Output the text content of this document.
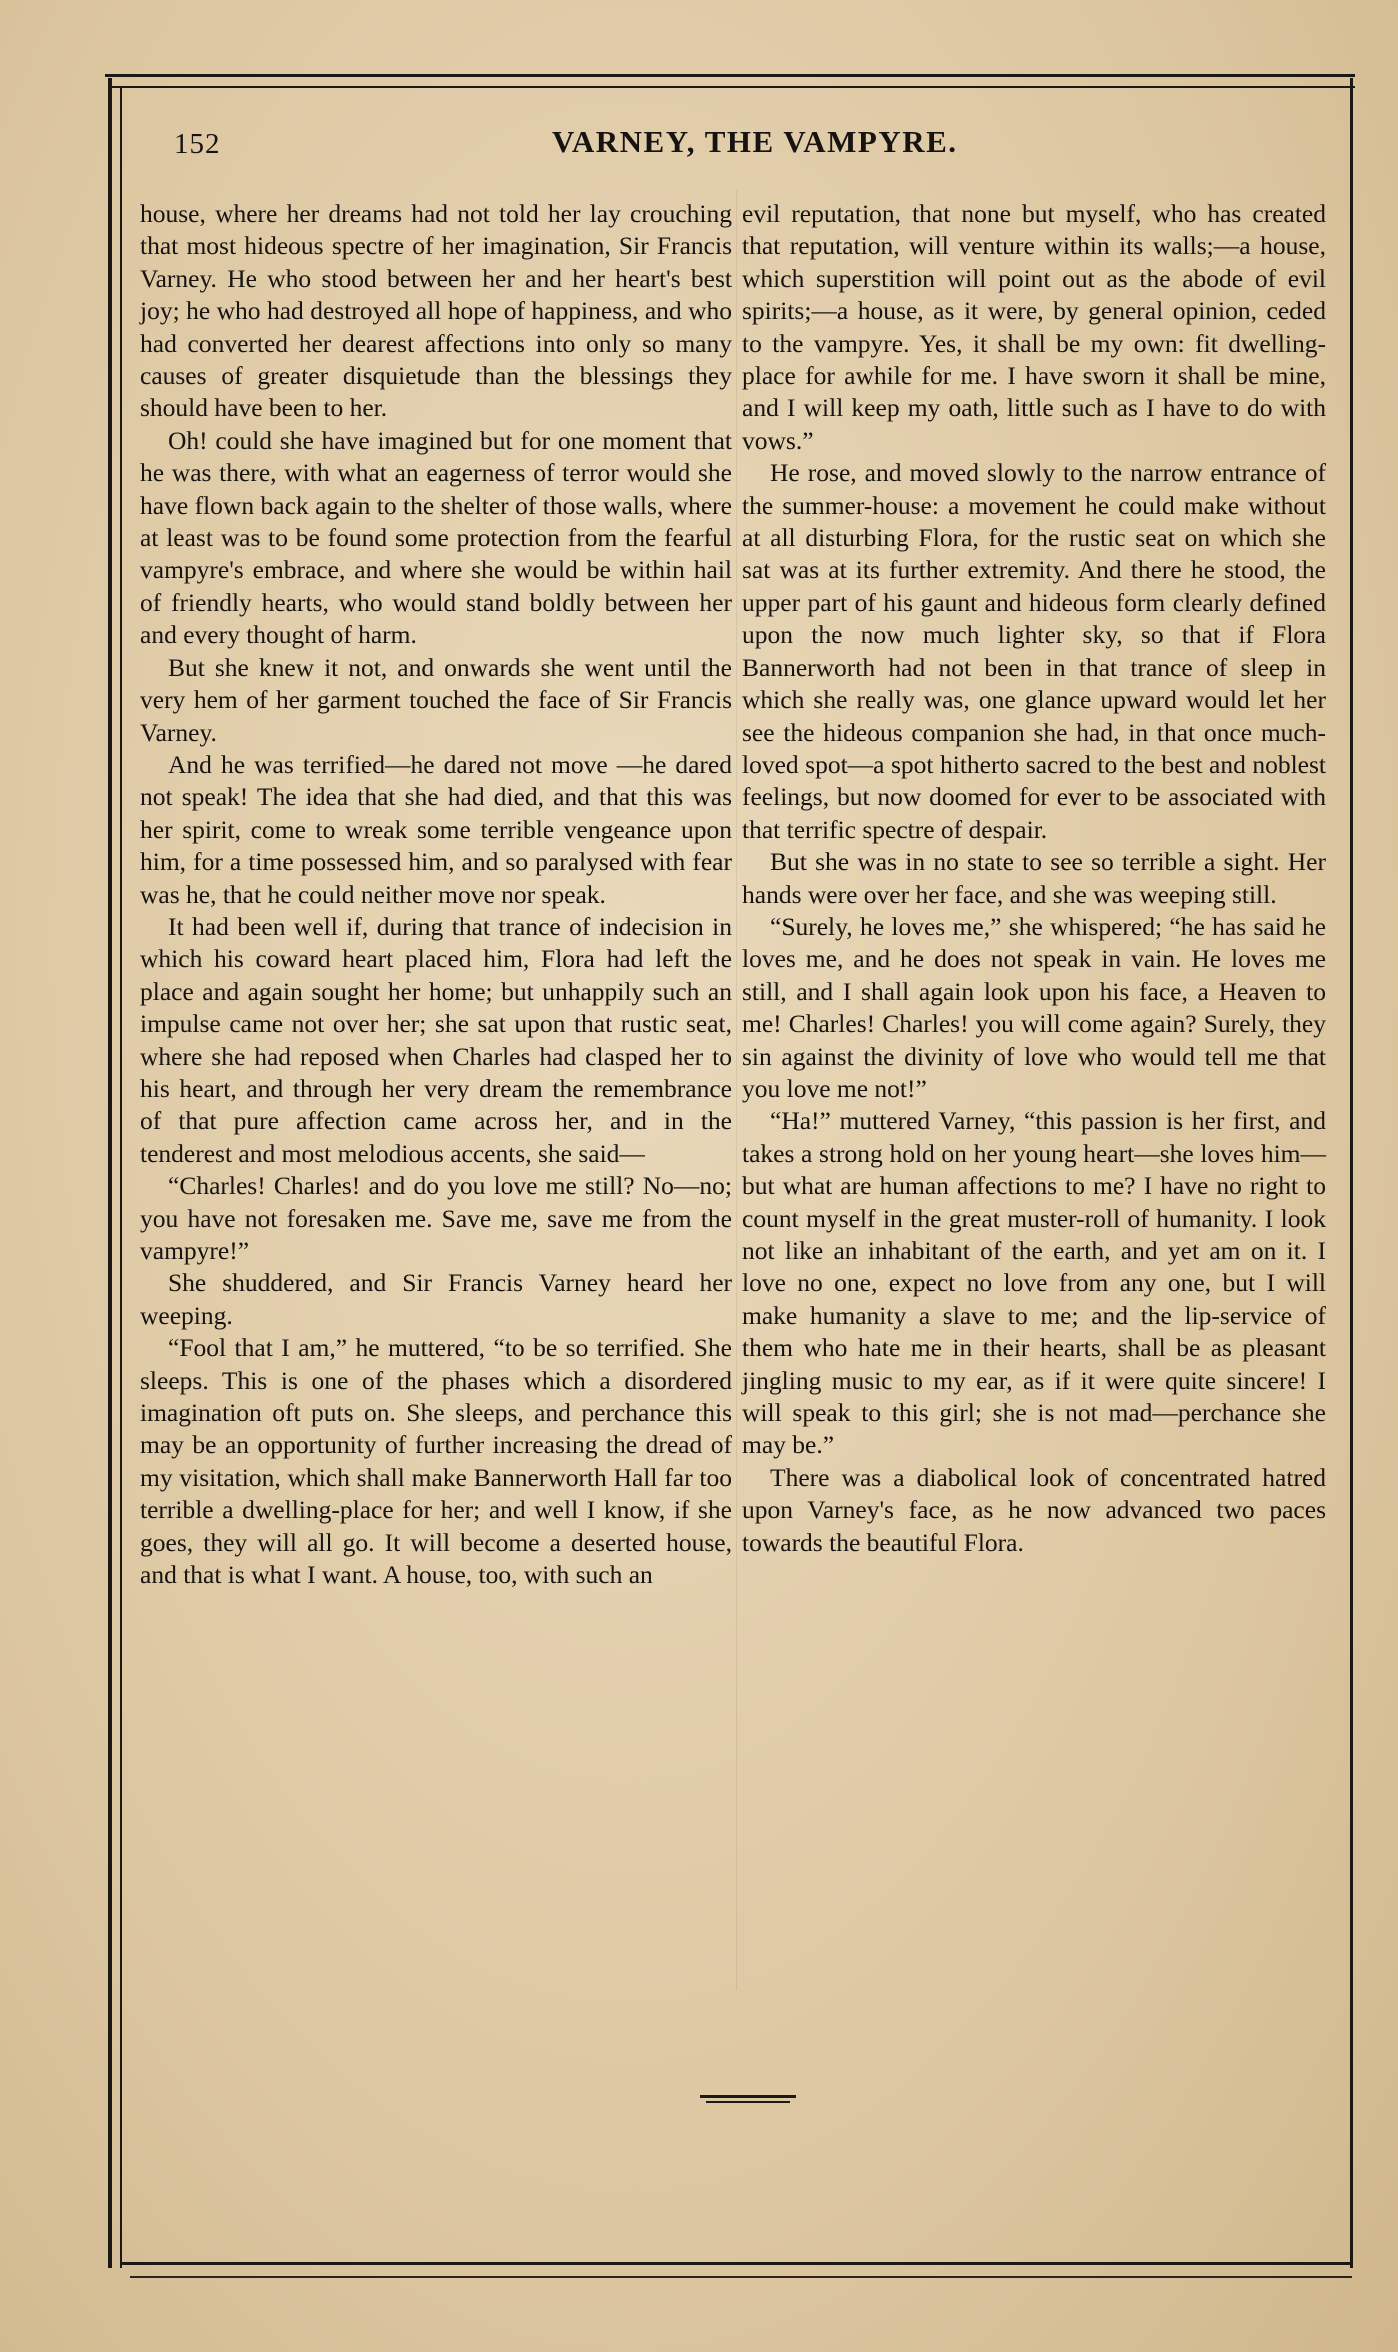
152	VARNEY, THE VAMPYRE.

house, where her dreams had not told her lay crouching that most hideous spectre of her imagination, Sir Francis Varney. He who stood between her and her heart's best joy; he who had destroyed all hope of happiness, and who had converted her dearest affections into only so many causes of greater disquietude than the blessings they should have been to her.

Oh! could she have imagined but for one moment that he was there, with what an eagerness of terror would she have flown back again to the shelter of those walls, where at least was to be found some protection from the fearful vampyre's embrace, and where she would be within hail of friendly hearts, who would stand boldly between her and every thought of harm.

But she knew it not, and onwards she went until the very hem of her garment touched the face of Sir Francis Varney.

And he was terrified—he dared not move —he dared not speak! The idea that she had died, and that this was her spirit, come to wreak some terrible vengeance upon him, for a time possessed him, and so paralysed with fear was he, that he could neither move nor speak.

It had been well if, during that trance of indecision in which his coward heart placed him, Flora had left the place and again sought her home; but unhappily such an impulse came not over her; she sat upon that rustic seat, where she had reposed when Charles had clasped her to his heart, and through her very dream the remembrance of that pure affection came across her, and in the tenderest and most melodious accents, she said—

“Charles! Charles! and do you love me still? No—no; you have not foresaken me. Save me, save me from the vampyre!”

She shuddered, and Sir Francis Varney heard her weeping.

“Fool that I am,” he muttered, “to be so terrified. She sleeps. This is one of the phases which a disordered imagination oft puts on. She sleeps, and perchance this may be an opportunity of further increasing the dread of my visitation, which shall make Bannerworth Hall far too terrible a dwelling-place for her; and well I know, if she goes, they will all go. It will become a deserted house, and that is what I want. A house, too, with such an

evil reputation, that none but myself, who has created that reputation, will venture within its walls;—a house, which superstition will point out as the abode of evil spirits;—a house, as it were, by general opinion, ceded to the vampyre. Yes, it shall be my own: fit dwelling-place for awhile for me. I have sworn it shall be mine, and I will keep my oath, little such as I have to do with vows.”

He rose, and moved slowly to the narrow entrance of the summer-house: a movement he could make without at all disturbing Flora, for the rustic seat on which she sat was at its further extremity. And there he stood, the upper part of his gaunt and hideous form clearly defined upon the now much lighter sky, so that if Flora Bannerworth had not been in that trance of sleep in which she really was, one glance upward would let her see the hideous companion she had, in that once much-loved spot—a spot hitherto sacred to the best and noblest feelings, but now doomed for ever to be associated with that terrific spectre of despair.

But she was in no state to see so terrible a sight. Her hands were over her face, and she was weeping still.

“Surely, he loves me,” she whispered; “he has said he loves me, and he does not speak in vain. He loves me still, and I shall again look upon his face, a Heaven to me! Charles! Charles! you will come again? Surely, they sin against the divinity of love who would tell me that you love me not!”

“Ha!” muttered Varney, “this passion is her first, and takes a strong hold on her young heart—she loves him—but what are human affections to me? I have no right to count myself in the great muster-roll of humanity. I look not like an inhabitant of the earth, and yet am on it. I love no one, expect no love from any one, but I will make humanity a slave to me; and the lip-service of them who hate me in their hearts, shall be as pleasant jingling music to my ear, as if it were quite sincere! I will speak to this girl; she is not mad—perchance she may be.”

There was a diabolical look of concentrated hatred upon Varney's face, as he now advanced two paces towards the beautiful Flora.
